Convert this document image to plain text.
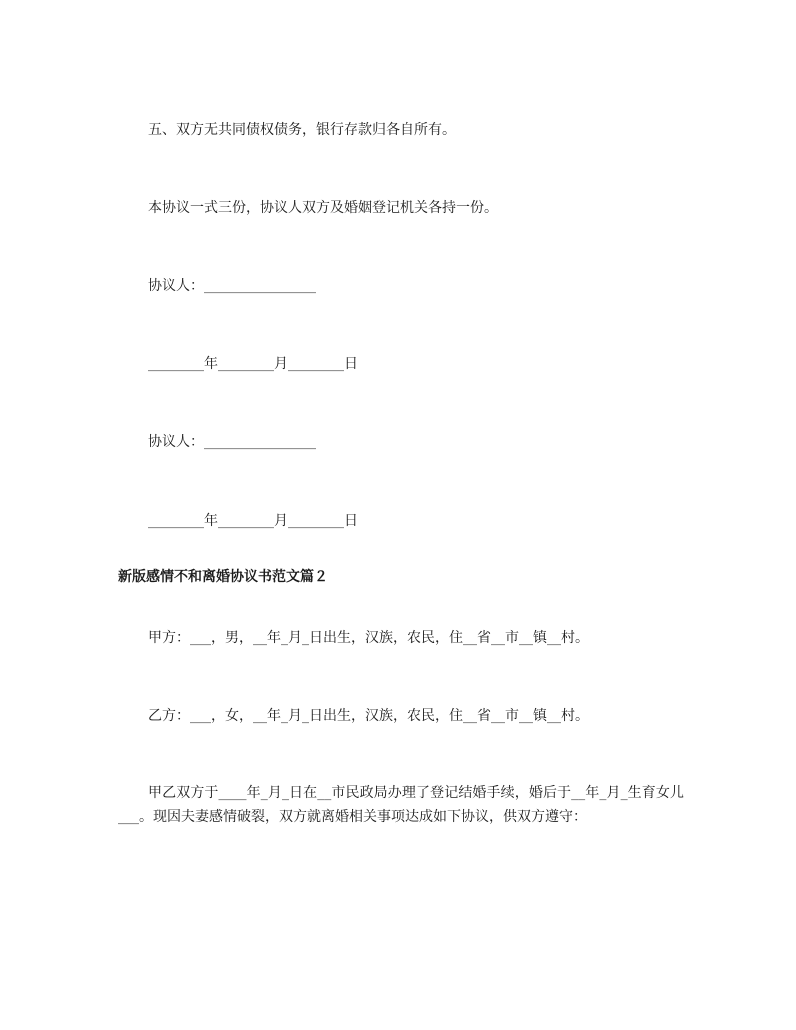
五、双方无共同债权债务，银行存款归各自所有。

本协议一式三份，协议人双方及婚姻登记机关各持一份。

协议人：________________

________年________月________日

协议人：________________

________年________月________日

新版感情不和离婚协议书范文篇２

甲方：___，男，__年_月_日出生，汉族，农民，住__省__市__镇__村。

乙方：___，女，__年_月_日出生，汉族，农民，住__省__市__镇__村。

甲乙双方于____年_月_日在__市民政局办理了登记结婚手续，婚后于__年_月_生育女儿___。现因夫妻感情破裂，双方就离婚相关事项达成如下协议，供双方遵守：
